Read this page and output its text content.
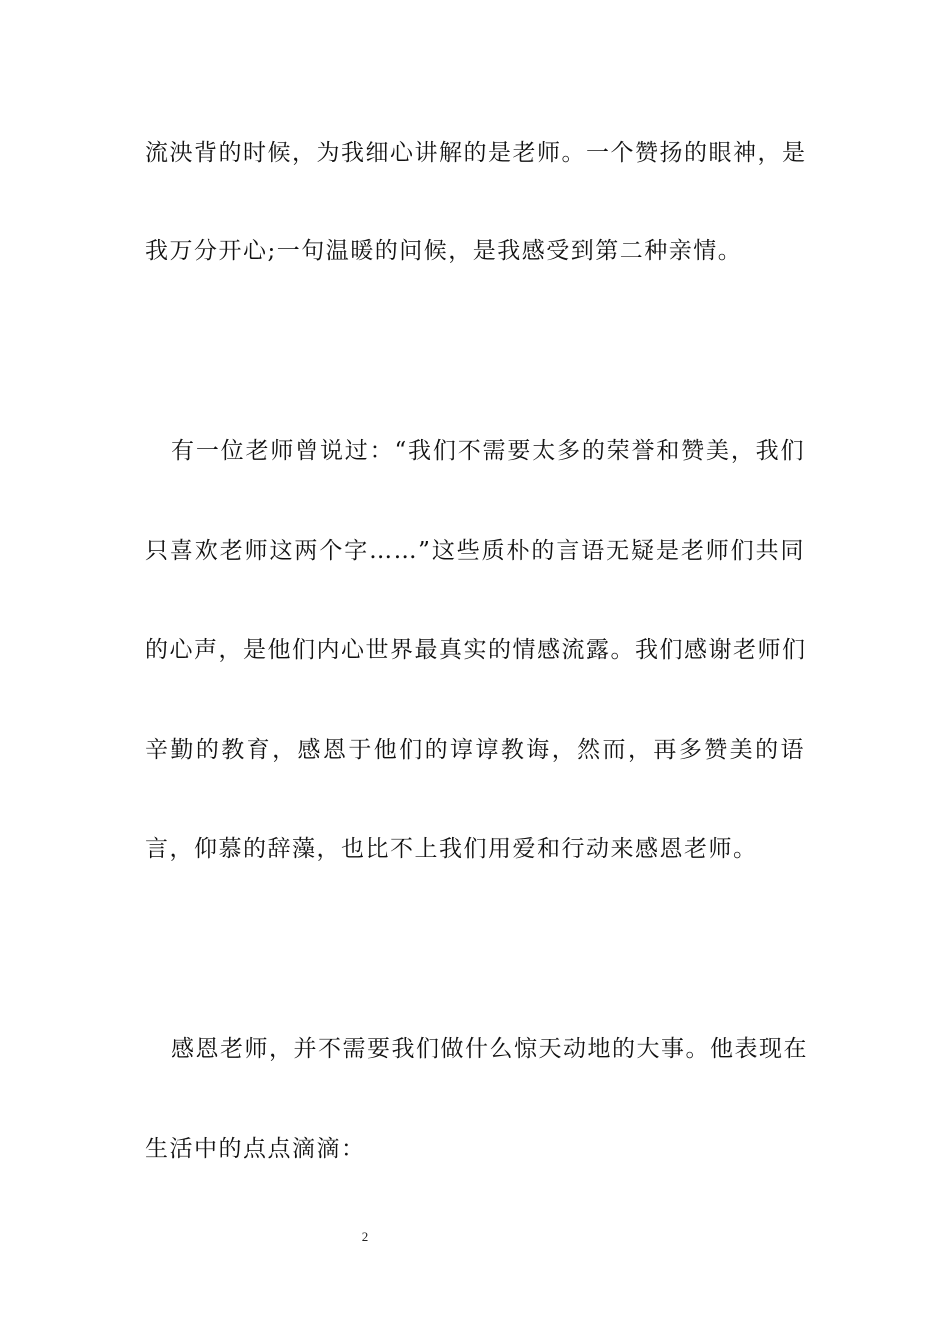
流泱背的时候，为我细心讲解的是老师。一个赞扬的眼神，是
我万分开心;一句温暖的问候，是我感受到第二种亲情。
有一位老师曾说过：“我们不需要太多的荣誉和赞美，我们
只喜欢老师这两个字……”这些质朴的言语无疑是老师们共同
的心声，是他们内心世界最真实的情感流露。我们感谢老师们
辛勤的教育，感恩于他们的谆谆教诲，然而，再多赞美的语
言，仰慕的辞藻，也比不上我们用爱和行动来感恩老师。
感恩老师，并不需要我们做什么惊天动地的大事。他表现在
生活中的点点滴滴：
2
